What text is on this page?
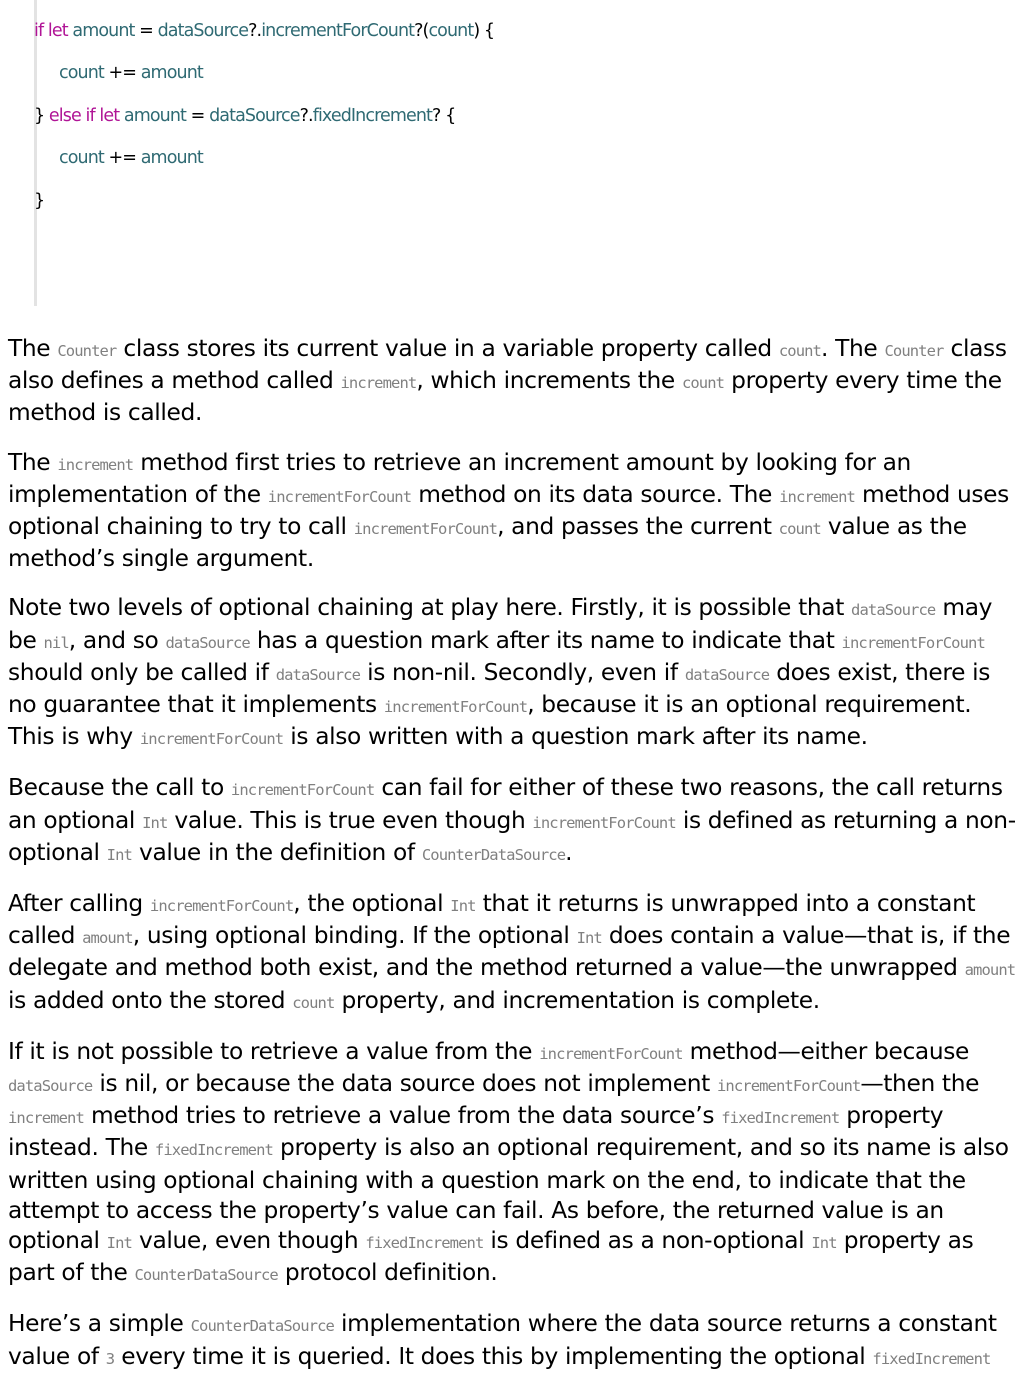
if let amount = dataSource?.incrementForCount?(count) {
count += amount
} else if let amount = dataSource?.fixedIncrement? {
count += amount
}

The Counter class stores its current value in a variable property called count. The Counter class also defines a method called increment, which increments the count property every time the method is called.

The increment method first tries to retrieve an increment amount by looking for an implementation of the incrementForCount method on its data source. The increment method uses optional chaining to try to call incrementForCount, and passes the current count value as the method’s single argument.

Note two levels of optional chaining at play here. Firstly, it is possible that dataSource may be nil, and so dataSource has a question mark after its name to indicate that incrementForCount should only be called if dataSource is non-nil. Secondly, even if dataSource does exist, there is no guarantee that it implements incrementForCount, because it is an optional requirement. This is why incrementForCount is also written with a question mark after its name.

Because the call to incrementForCount can fail for either of these two reasons, the call returns an optional Int value. This is true even though incrementForCount is defined as returning a non-optional Int value in the definition of CounterDataSource.

After calling incrementForCount, the optional Int that it returns is unwrapped into a constant called amount, using optional binding. If the optional Int does contain a value—that is, if the delegate and method both exist, and the method returned a value—the unwrapped amount is added onto the stored count property, and incrementation is complete.

If it is not possible to retrieve a value from the incrementForCount method—either because dataSource is nil, or because the data source does not implement incrementForCount—then the increment method tries to retrieve a value from the data source’s fixedIncrement property instead. The fixedIncrement property is also an optional requirement, and so its name is also written using optional chaining with a question mark on the end, to indicate that the attempt to access the property’s value can fail. As before, the returned value is an optional Int value, even though fixedIncrement is defined as a non-optional Int property as part of the CounterDataSource protocol definition.

Here’s a simple CounterDataSource implementation where the data source returns a constant value of 3 every time it is queried. It does this by implementing the optional fixedIncrement
